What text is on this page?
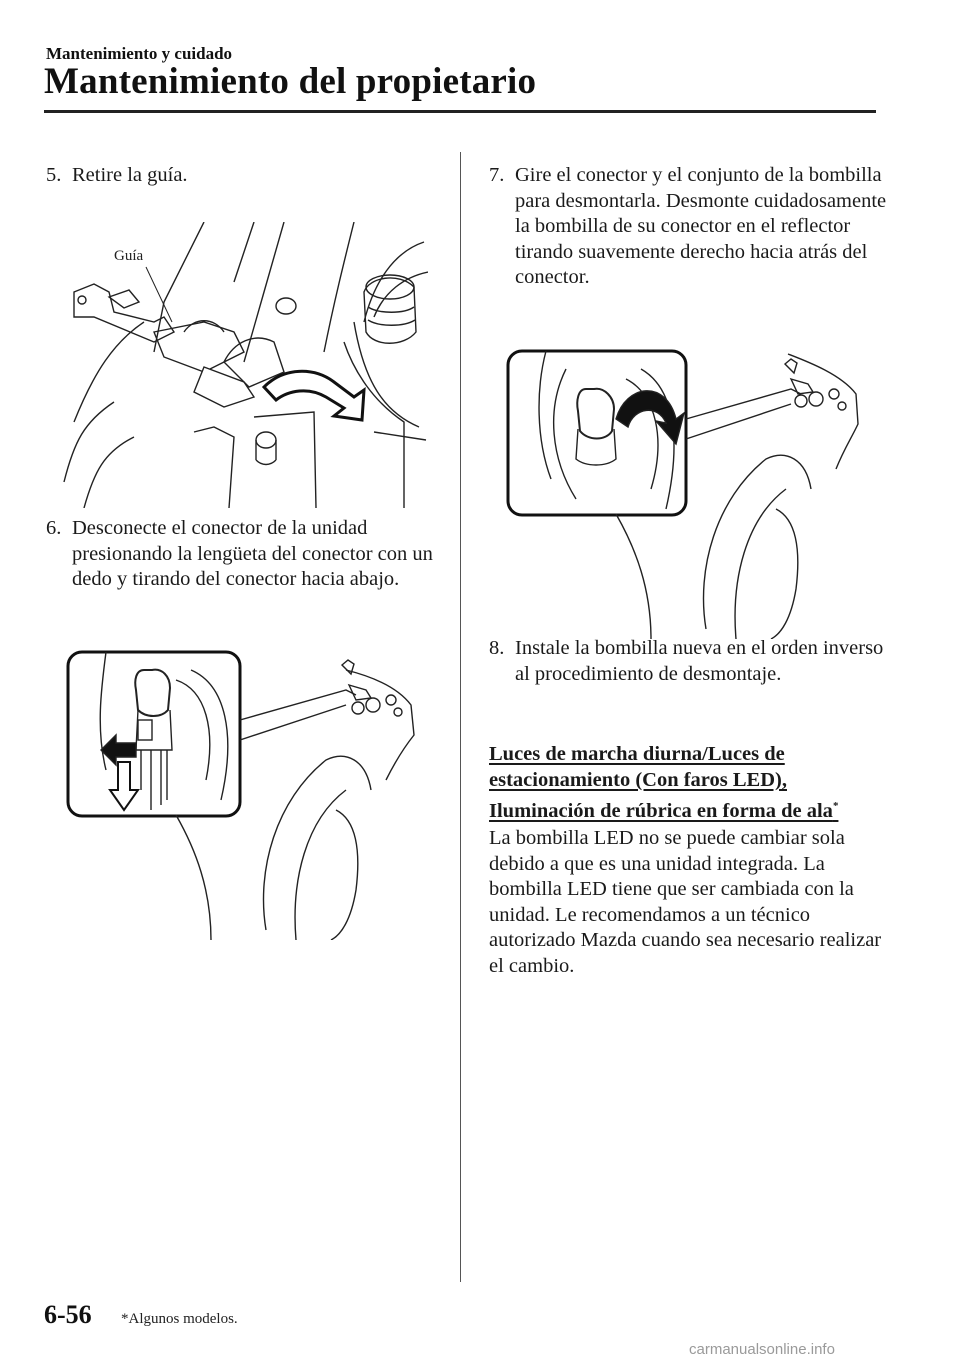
Mantenimiento y cuidado
Mantenimiento del propietario
5. Retire la guía.
Guía
6. Desconecte el conector de la unidad presionando la lengüeta del conector con un dedo y tirando del conector hacia abajo.
7. Gire el conector y el conjunto de la bombilla para desmontarla. Desmonte cuidadosamente la bombilla de su conector en el reflector tirando suavemente derecho hacia atrás del conector.
8. Instale la bombilla nueva en el orden inverso al procedimiento de desmontaje.
Luces de marcha diurna/Luces de estacionamiento (Con faros LED), Iluminación de rúbrica en forma de ala*
La bombilla LED no se puede cambiar sola debido a que es una unidad integrada. La bombilla LED tiene que ser cambiada con la unidad. Le recomendamos a un técnico autorizado Mazda cuando sea necesario realizar el cambio.
6-56 *Algunos modelos.
carmanualsonline.info
